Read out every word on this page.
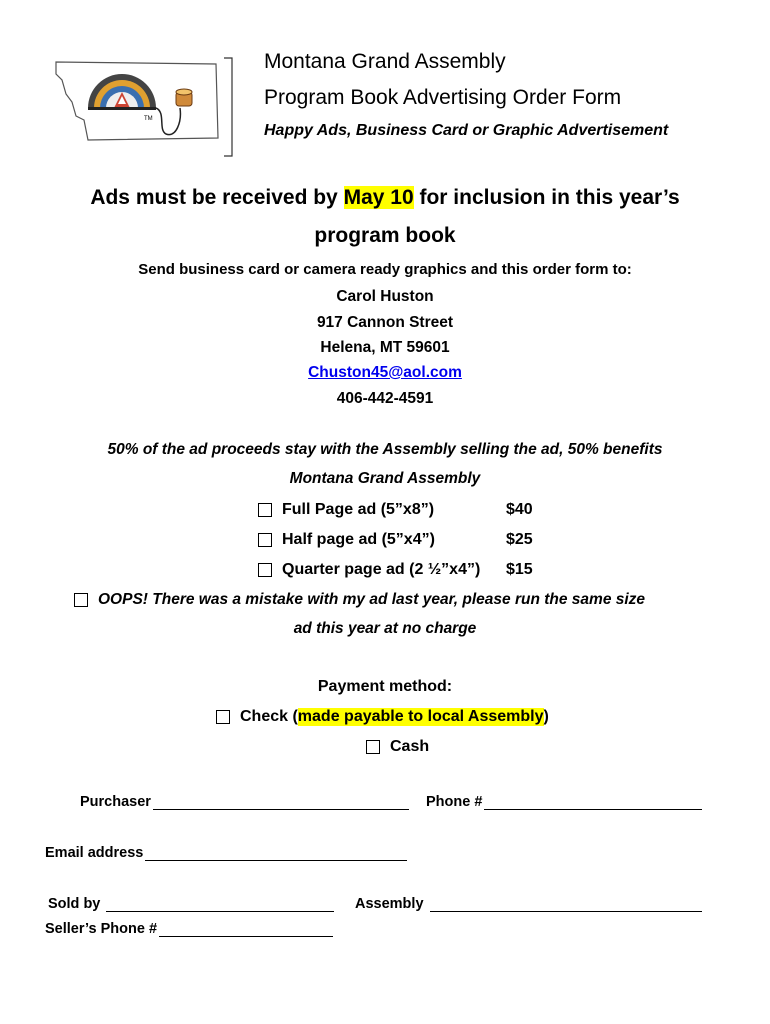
TM
Montana Grand Assembly
Program Book Advertising Order Form
Happy Ads, Business Card or Graphic Advertisement
Ads must be received by May 10 for inclusion in this year’s
program book
Send business card or camera ready graphics and this order form to:
Carol Huston
917 Cannon Street
Helena, MT 59601
Chuston45@aol.com
406-442-4591
50% of the ad proceeds stay with the Assembly selling the ad, 50% benefits
Montana Grand Assembly
Full Page ad (5”x8”)	$40
Half page ad (5”x4”)	$25
Quarter page ad (2 ½”x4”) $15
OOPS! There was a mistake with my ad last year, please run the same size
ad this year at no charge
Payment method:
Check ( made payable to local Assembly )
Cash
Purchaser	Phone #
Email address
Sold by	Assembly
Seller’s Phone #
